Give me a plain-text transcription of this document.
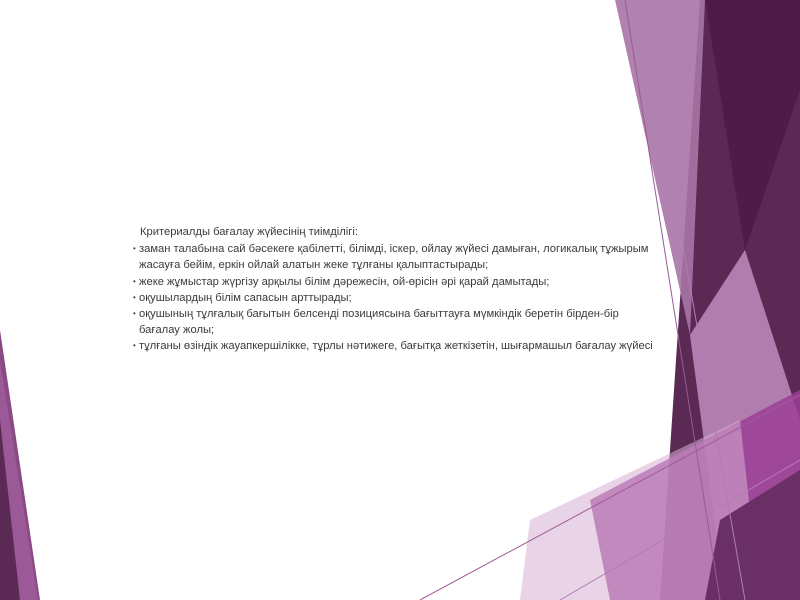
Критериалды бағалау жүйесінің тиімділігі:
• заман талабына сай бәсекеге қабілетті, білімді, іскер, ойлау жүйесі дамыған, логикалық тұжырым жасауға бейім, еркін ойлай алатын жеке тұлғаны қалыптастырады;
• жеке жұмыстар жүргізу арқылы білім дәрежесін, ой-өрісін әрі қарай дамытады;
• оқушылардың білім сапасын арттырады;
• оқушының тұлғалық бағытын белсенді позициясына бағыттауға мүмкіндік беретін бірден-бір бағалау жолы;
• тұлғаны өзіндік жауапкершілікке, тұрлы нәтижеге, бағытқа жеткізетін, шығармашыл бағалау жүйесі
